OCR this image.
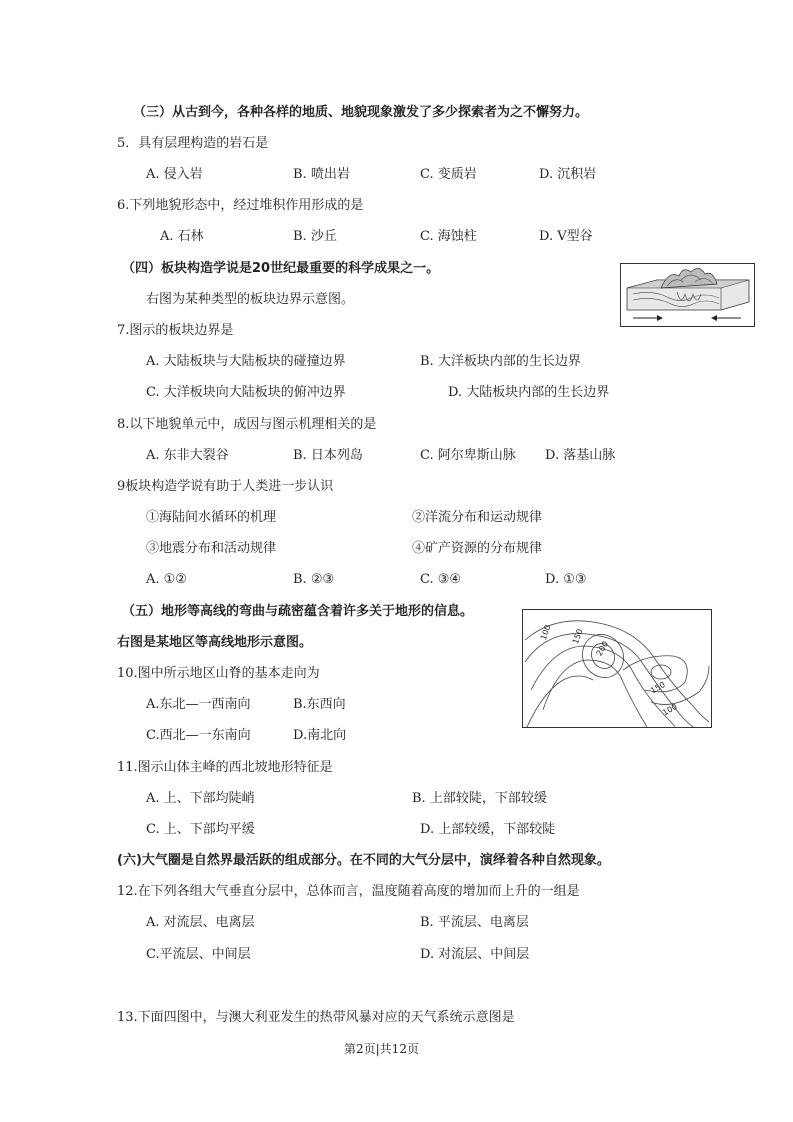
（三）从古到今，各种各样的地质、地貌现象激发了多少探索者为之不懈努力。
5．具有层理构造的岩石是
A. 侵入岩	B. 喷出岩	C. 变质岩	D. 沉积岩
6.下列地貌形态中，经过堆积作用形成的是
A. 石林	B. 沙丘	C. 海蚀柱	D. V型谷
（四）板块构造学说是20世纪最重要的科学成果之一。
右图为某种类型的板块边界示意图。
7.图示的板块边界是
A. 大陆板块与大陆板块的碰撞边界	B. 大洋板块内部的生长边界
C. 大洋板块向大陆板块的俯冲边界	D. 大陆板块内部的生长边界
8.以下地貌单元中，成因与图示机理相关的是
A. 东非大裂谷	B. 日本列岛	C. 阿尔卑斯山脉 D. 落基山脉
9板块构造学说有助于人类进一步认识
①海陆间水循环的机理	②洋流分布和运动规律
③地震分布和活动规律	④矿产资源的分布规律
A. ①②	B. ②③	C. ③④	D. ①③
（五）地形等高线的弯曲与疏密蕴含着许多关于地形的信息。
右图是某地区等高线地形示意图。
100 150
200
150
100
10.图中所示地区山脊的基本走向为
A.东北—一西南向	B.东西向
C.西北—一东南向	D.南北向
11.图示山体主峰的西北坡地形特征是
A. 上、下部均陡峭	B. 上部较陡，下部较缓
C. 上、下部均平缓	D. 上部较缓，下部较陡
(六)大气圈是自然界最活跃的组成部分。在不同的大气分层中，演绎着各种自然现象。
12.在下列各组大气垂直分层中，总体而言，温度随着高度的增加而上升的一组是
A. 对流层、电离层	B. 平流层、电离层
C.平流层、中间层	D. 对流层、中间层
13.下面四图中，与澳大利亚发生的热带风暴对应的天气系统示意图是
第2页|共12页
